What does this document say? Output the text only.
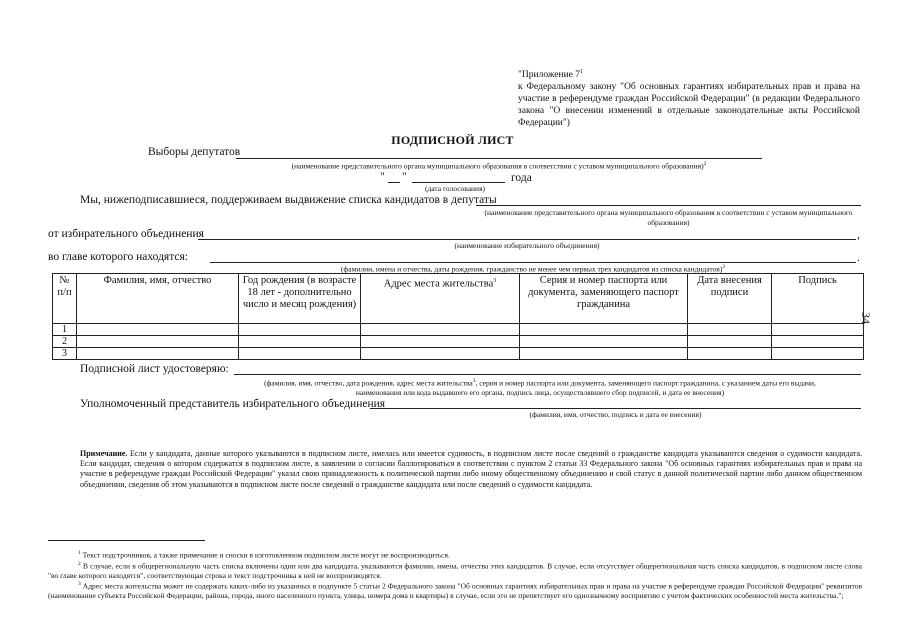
"Приложение $7^1$
к Федеральному закону "Об основных гарантиях избирательных прав и права на участие в референдуме граждан Российской Федерации" (в редакции Федерального закона "О внесении изменений в отдельные законодательные акты Российской Федерации")
ПОДПИСНОЙ ЛИСТ
Выборы депутатов
(наименование представительного органа муниципального образования в соответствии с уставом муниципального образования)$^2$
" "	года
(дата голосования)
Мы, нижеподписавшиеся, поддерживаем выдвижение списка кандидатов в депутаты
(наименование представительного органа муниципального образования в соответствии с уставом муниципального образования)
от избирательного объединения	,
(наименование избирательного объединения)
во главе которого находятся:	.
(фамилии, имена и отчества, даты рождения, гражданство не менее чем первых трех кандидатов из списка кандидатов)$^2$
№ п/п	Фамилия, имя, отчество	Год рождения (в возрасте 18 лет - дополнительно число и месяц рождения)	Адрес места жительства$^3$	Серия и номер паспорта или документа, заменяющего паспорт гражданина	Дата внесения подписи	Подпись
1						
2						
3						
Подписной лист удостоверяю:
(фамилия, имя, отчество, дата рождения, адрес места жительства$^3$, серия и номер паспорта или документа, заменяющего паспорт гражданина, с указанием даты его выдачи,
наименования или кода выдавшего его органа, подпись лица, осуществлявшего сбор подписей, и дата ее внесения)
Уполномоченный представитель избирательного объединения
(фамилия, имя, отчество, подпись и дата ее внесения)
Примечание. Если у кандидата, данные которого указываются в подписном листе, имелась или имеется судимость, в подписном листе после сведений о гражданстве кандидата указываются сведения о судимости кандидата. Если кандидат, сведения о котором содержатся в подписном листе, в заявлении о согласии баллотироваться в соответствии с пунктом 2 статьи 33 Федерального закона "Об основных гарантиях избирательных прав и права на участие в референдуме граждан Российской Федерации" указал свою принадлежность к политической партии либо иному общественному объединению и свой статус в данной политической партии либо данном общественном объединении, сведения об этом указываются в подписном листе после сведений о гражданстве кандидата или после сведений о судимости кандидата.
$^1$ Текст подстрочников, а также примечание и сноски в изготовленном подписном листе могут не воспроизводиться.
$^2$ В случае, если в общерегиональную часть списка включены один или два кандидата, указываются фамилии, имена, отчества этих кандидатов. В случае, если отсутствует общерегиональная часть списка кандидатов, в подписном листе слова "во главе которого находятся", соответствующая строка и текст подстрочника к ней не воспроизводятся.
$^3$ Адрес места жительства может не содержать каких-либо из указанных в подпункте 5 статьи 2 Федерального закона "Об основных гарантиях избирательных прав и права на участие в референдуме граждан Российской Федерации" реквизитов (наименование субъекта Российской Федерации, района, города, иного населенного пункта, улицы, номера дома и квартиры) в случае, если это не препятствует его однозначному восприятию с учетом фактических особенностей места жительства.";
34
